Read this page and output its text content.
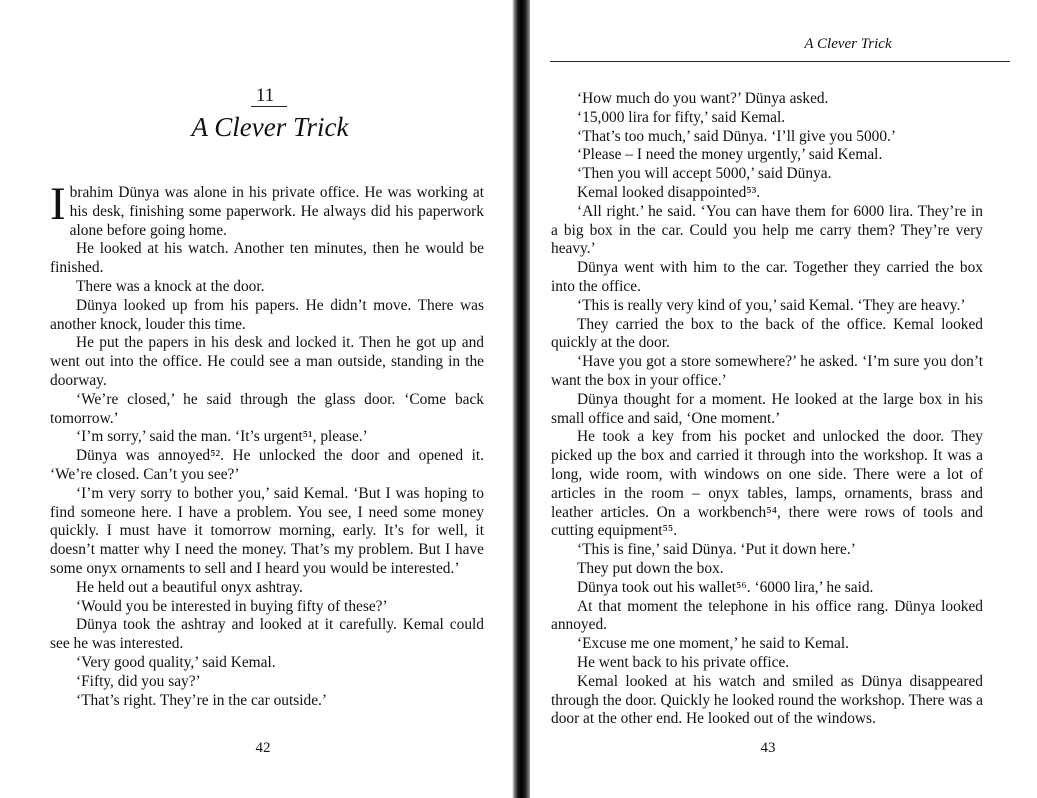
11
A Clever Trick

Ibrahim Dünya was alone in his private office. He was working at his desk, finishing some paperwork. He always did his paperwork alone before going home.

He looked at his watch. Another ten minutes, then he would be finished.

There was a knock at the door.

Dünya looked up from his papers. He didn’t move. There was another knock, louder this time.

He put the papers in his desk and locked it. Then he got up and went out into the office. He could see a man outside, standing in the doorway.

‘We’re closed,’ he said through the glass door. ‘Come back tomorrow.’

‘I’m sorry,’ said the man. ‘It’s urgent⁵¹, please.’

Dünya was annoyed⁵². He unlocked the door and opened it. ‘We’re closed. Can’t you see?’

‘I’m very sorry to bother you,’ said Kemal. ‘But I was hoping to find someone here. I have a problem. You see, I need some money quickly. I must have it tomorrow morning, early. It’s for well, it doesn’t matter why I need the money. That’s my problem. But I have some onyx ornaments to sell and I heard you would be interested.’

He held out a beautiful onyx ashtray.

‘Would you be interested in buying fifty of these?’

Dünya took the ashtray and looked at it carefully. Kemal could see he was interested.

‘Very good quality,’ said Kemal.

‘Fifty, did you say?’

‘That’s right. They’re in the car outside.’

42
A Clever Trick

‘How much do you want?’ Dünya asked.

‘15,000 lira for fifty,’ said Kemal.

‘That’s too much,’ said Dünya. ‘I’ll give you 5000.’

‘Please – I need the money urgently,’ said Kemal.

‘Then you will accept 5000,’ said Dünya.

Kemal looked disappointed⁵³.

‘All right.’ he said. ‘You can have them for 6000 lira. They’re in a big box in the car. Could you help me carry them? They’re very heavy.’

Dünya went with him to the car. Together they carried the box into the office.

‘This is really very kind of you,’ said Kemal. ‘They are heavy.’

They carried the box to the back of the office. Kemal looked quickly at the door.

‘Have you got a store somewhere?’ he asked. ‘I’m sure you don’t want the box in your office.’

Dünya thought for a moment. He looked at the large box in his small office and said, ‘One moment.’

He took a key from his pocket and unlocked the door. They picked up the box and carried it through into the workshop. It was a long, wide room, with windows on one side. There were a lot of articles in the room – onyx tables, lamps, ornaments, brass and leather articles. On a workbench⁵⁴, there were rows of tools and cutting equipment⁵⁵.

‘This is fine,’ said Dünya. ‘Put it down here.’

They put down the box.

Dünya took out his wallet⁵⁶. ‘6000 lira,’ he said.

At that moment the telephone in his office rang. Dünya looked annoyed.

‘Excuse me one moment,’ he said to Kemal.

He went back to his private office.

Kemal looked at his watch and smiled as Dünya disappeared through the door. Quickly he looked round the workshop. There was a door at the other end. He looked out of the windows.

43
